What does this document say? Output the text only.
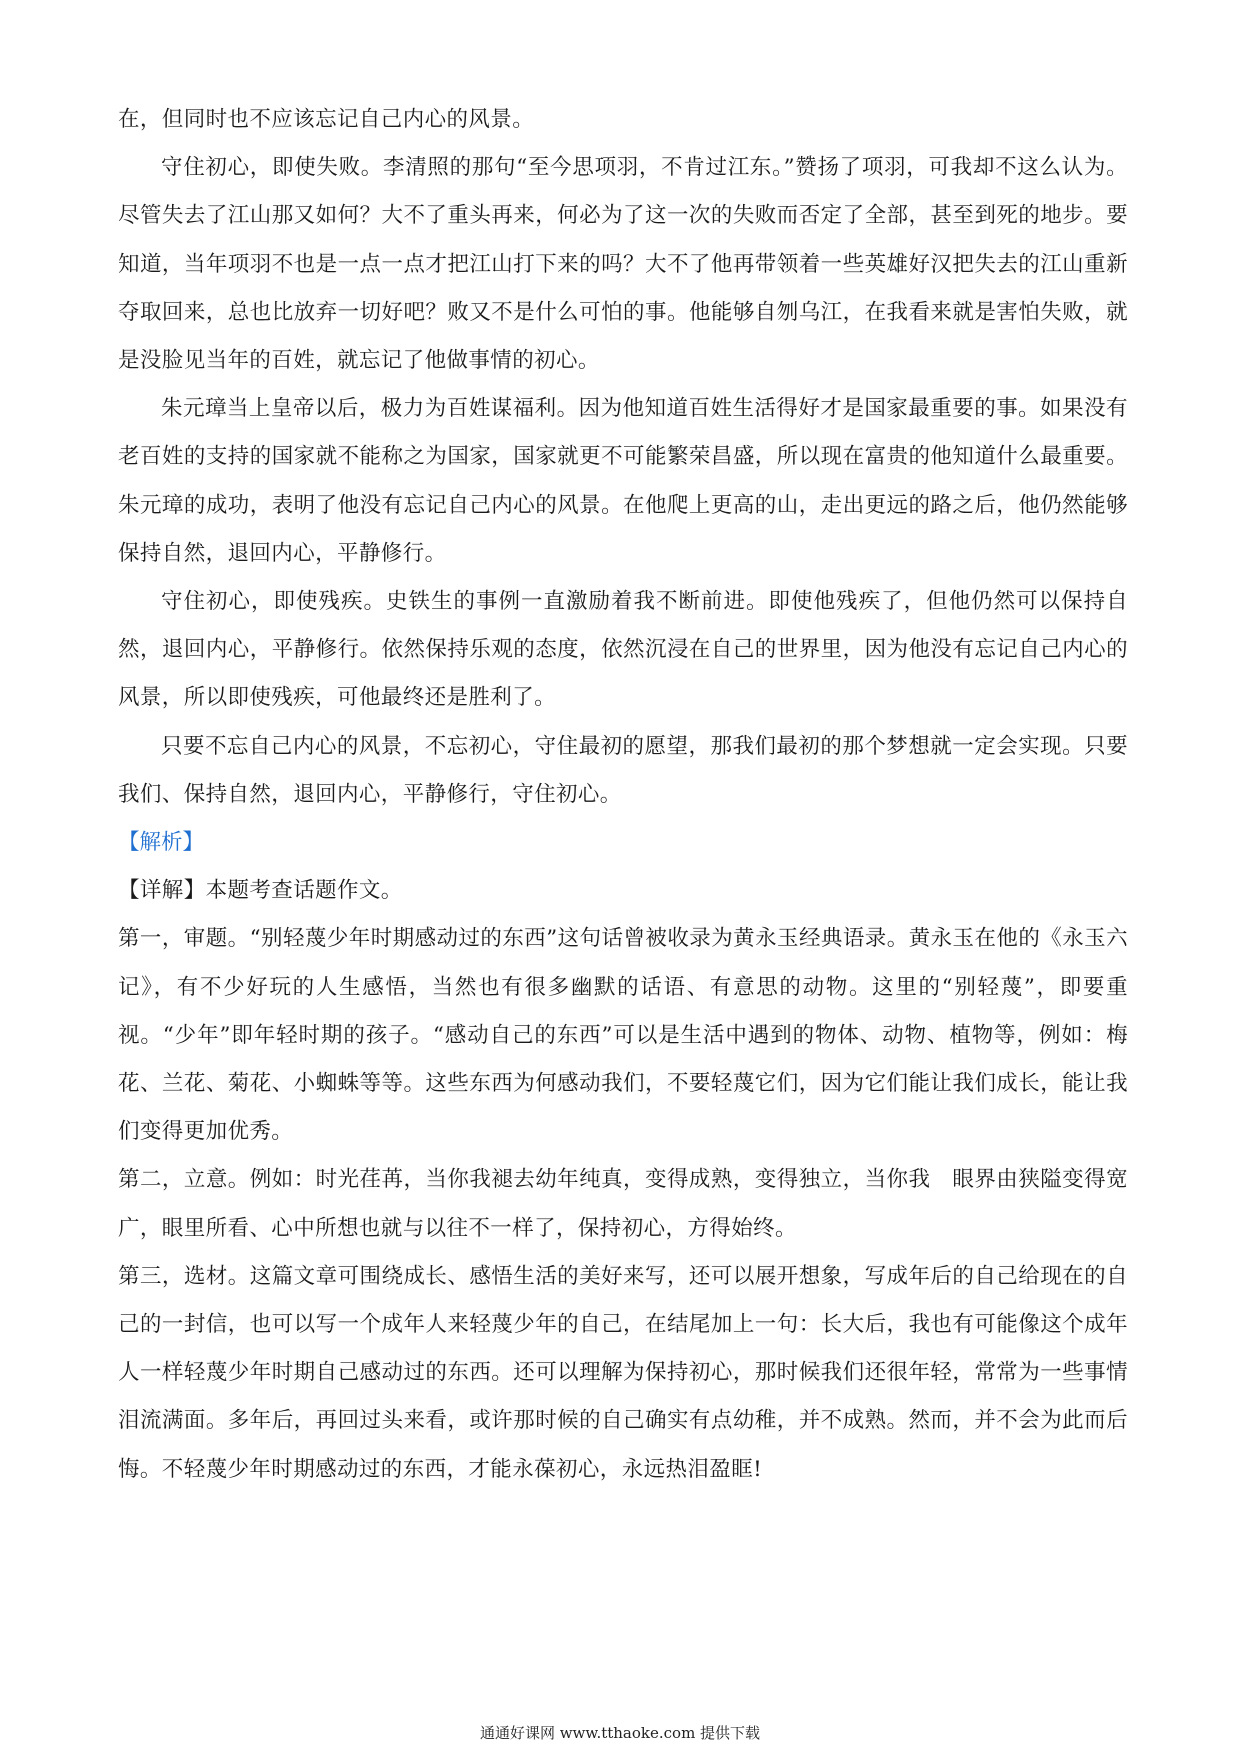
在，但同时也不应该忘记自己内心的风景。

守住初心，即使失败。李清照的那句“至今思项羽，不肯过江东。”赞扬了项羽，可我却不这么认为。尽管失去了江山那又如何？大不了重头再来，何必为了这一次的失败而否定了全部，甚至到死的地步。要知道，当年项羽不也是一点一点才把江山打下来的吗？大不了他再带领着一些英雄好汉把失去的江山重新夺取回来，总也比放弃一切好吧？败又不是什么可怕的事。他能够自刎乌江，在我看来就是害怕失败，就是没脸见当年的百姓，就忘记了他做事情的初心。

朱元璋当上皇帝以后，极力为百姓谋福利。因为他知道百姓生活得好才是国家最重要的事。如果没有老百姓的支持的国家就不能称之为国家，国家就更不可能繁荣昌盛，所以现在富贵的他知道什么最重要。朱元璋的成功，表明了他没有忘记自己内心的风景。在他爬上更高的山，走出更远的路之后，他仍然能够保持自然，退回内心，平静修行。

守住初心，即使残疾。史铁生的事例一直激励着我不断前进。即使他残疾了，但他仍然可以保持自然，退回内心，平静修行。依然保持乐观的态度，依然沉浸在自己的世界里，因为他没有忘记自己内心的风景，所以即使残疾，可他最终还是胜利了。

只要不忘自己内心的风景，不忘初心，守住最初的愿望，那我们最初的那个梦想就一定会实现。只要我们、保持自然，退回内心，平静修行，守住初心。

【解析】

【详解】本题考查话题作文。

第一，审题。“别轻蔑少年时期感动过的东西”这句话曾被收录为黄永玉经典语录。黄永玉在他的《永玉六记》，有不少好玩的人生感悟，当然也有很多幽默的话语、有意思的动物。这里的“别轻蔑”，即要重视。“少年”即年轻时期的孩子。“感动自己的东西”可以是生活中遇到的物体、动物、植物等，例如：梅花、兰花、菊花、小蜘蛛等等。这些东西为何感动我们，不要轻蔑它们，因为它们能让我们成长，能让我们变得更加优秀。

第二，立意。例如：时光荏苒，当你我褪去幼年纯真，变得成熟，变得独立，当你我　眼界由狭隘变得宽广，眼里所看、心中所想也就与以往不一样了，保持初心，方得始终。

第三，选材。这篇文章可围绕成长、感悟生活的美好来写，还可以展开想象，写成年后的自己给现在的自己的一封信，也可以写一个成年人来轻蔑少年的自己，在结尾加上一句：长大后，我也有可能像这个成年人一样轻蔑少年时期自己感动过的东西。还可以理解为保持初心，那时候我们还很年轻，常常为一些事情泪流满面。多年后，再回过头来看，或许那时候的自己确实有点幼稚，并不成熟。然而，并不会为此而后悔。不轻蔑少年时期感动过的东西，才能永葆初心，永远热泪盈眶!

通通好课网 www.tthaoke.com 提供下载
